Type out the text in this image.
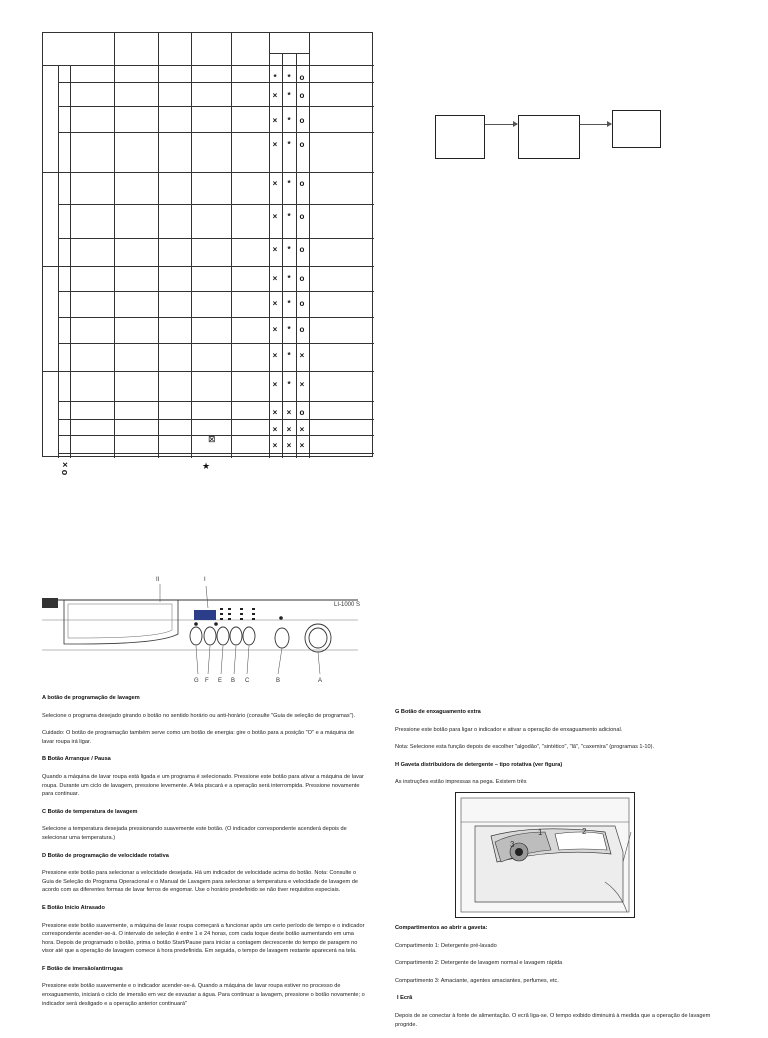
*	*	o
×	*	o
×	*	o
×	*	o
×	*	o
×	*	o
×	*	o
×	*	o
×	*	o
×	*	o
×	*	×
×	*	×
×	×	o
×	×	×
×	×	×
⊠
× o	★
II	I
LI-1000 S
G F E B C	B	A
A botão de programação de lavagem

Selecione o programa desejado girando o botão no sentido horário ou anti-horário (consulte "Guia de seleção de programas").

Cuidado: O botão de programação também serve como um botão de energia: gire o botão para a posição "O" e a máquina de lavar roupa irá ligar.

B Botão Arranque / Pausa

Quando a máquina de lavar roupa está ligada e um programa é selecionado. Pressione este botão para ativar a máquina de lavar roupa. Durante um ciclo de lavagem, pressione levemente. A tela piscará e a operação será interrompida. Pressione novamente para continuar.

C Botão de temperatura de lavagem

Selecione a temperatura desejada pressionando suavemente este botão. (O indicador correspondente acenderá depois de selecionar uma temperatura.)

D Botão de programação de velocidade rotativa

Pressione este botão para selecionar a velocidade desejada. Há um indicador de velocidade acima do botão. Nota: Consulte o Guia de Seleção do Programa Operacional e o Manual de Lavagem para selecionar a temperatura e velocidade de lavagem de acordo com as diferentes formas de lavar ferros de engomar. Use o horário predefinido se não tiver requisitos especiais.

E Botão Início Atrasado

Pressione este botão suavemente, a máquina de lavar roupa começará a funcionar após um certo período de tempo e o indicador correspondente acender-se-á. O intervalo de seleção é entre 1 e 24 horas, com cada toque deste botão aumentando em uma hora. Depois de programado o botão, prima o botão Start/Pause para iniciar a contagem decrescente do tempo de paragem no visor até que a operação de lavagem comece à hora predefinida. Em seguida, o tempo de lavagem restante aparecerá na tela.

F Botão de imersão/antirrugas

Pressione este botão suavemente e o indicador acender-se-á. Quando a máquina de lavar roupa estiver no processo de enxaguamento, iniciará o ciclo de imersão em vez de esvaziar a água. Para continuar a lavagem, pressione o botão novamente; o indicador será desligado e a operação anterior continuará"

G Botão de enxaguamento extra

Pressione este botão para ligar o indicador e ativar a operação de enxaguamento adicional.

Nota: Selecione esta função depois de escolher "algodão", "sintético", "lã", "caxemira" (programas 1-10).

H Gaveta distribuidora de detergente – tipo rotativa (ver figura)

As instruções estão impressas na pega. Existem três

1	2
3
Compartimentos ao abrir a gaveta:

Compartimento 1: Detergente pré-lavado

Compartimento 2: Detergente de lavagem normal e lavagem rápida

Compartimento 3: Amaciante, agentes amaciantes, perfumes, etc.

I Ecrã

Depois de se conectar à fonte de alimentação. O ecrã liga-se. O tempo exibido diminuirá à medida que a operação de lavagem progride.
